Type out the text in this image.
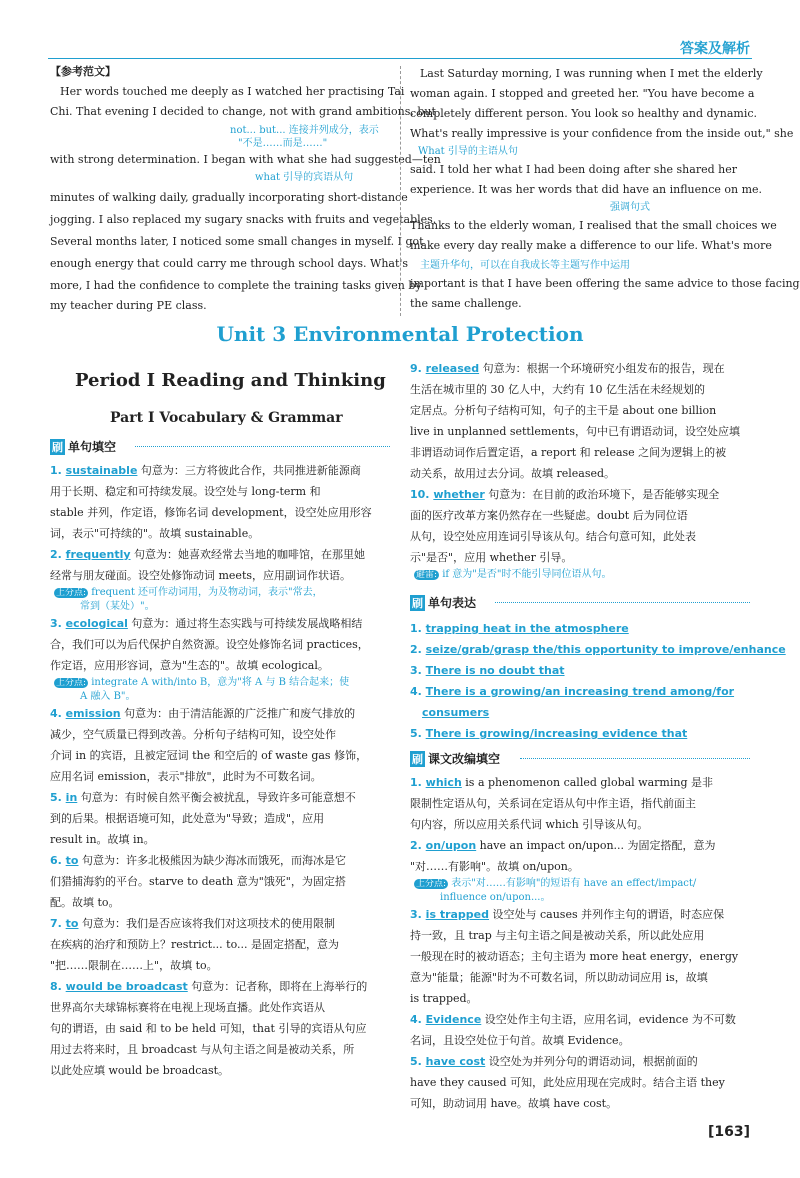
答案及解析
【参考范文】
Her words touched me deeply as I watched her practising Tai
Chi. That evening I decided to change, not with grand ambitions, but
not... but... 连接并列成分，表示
"不是……而是……"
with strong determination. I began with what she had suggested—ten
what 引导的宾语从句
minutes of walking daily, gradually incorporating short-distance
jogging. I also replaced my sugary snacks with fruits and vegetables.
Several months later, I noticed some small changes in myself. I got
enough energy that could carry me through school days. What's
more, I had the confidence to complete the training tasks given by
my teacher during PE class.
Last Saturday morning, I was running when I met the elderly
woman again. I stopped and greeted her. "You have become a
completely different person. You look so healthy and dynamic.
What's really impressive is your confidence from the inside out," she
What 引导的主语从句
said. I told her what I had been doing after she shared her
experience. It was her words that did have an influence on me.
强调句式
Thanks to the elderly woman, I realised that the small choices we
make every day really make a difference to our life. What's more
主题升华句，可以在自我成长等主题写作中运用
important is that I have been offering the same advice to those facing
the same challenge.
Unit 3 Environmental Protection
Period Ⅰ Reading and Thinking
Part Ⅰ Vocabulary & Grammar
刷 单句填空
1. sustainable 句意为：三方将彼此合作，共同推进新能源商
用于长期、稳定和可持续发展。设空处与 long-term 和
stable 并列，作定语，修饰名词 development，设空处应用形容
词，表示"可持续的"。故填 sustainable。
2. frequently 句意为：她喜欢经常去当地的咖啡馆，在那里她
经常与朋友碰面。设空处修饰动词 meets，应用副词作状语。
上分点: frequent 还可作动词用，为及物动词，表示"常去，
常到（某处）"。
3. ecological 句意为：通过将生态实践与可持续发展战略相结
合，我们可以为后代保护自然资源。设空处修饰名词 practices，
作定语，应用形容词，意为"生态的"。故填 ecological。
上分点: integrate A with/into B，意为"将 A 与 B 结合起来；使
A 融入 B"。
4. emission 句意为：由于清洁能源的广泛推广和废气排放的
减少，空气质量已得到改善。分析句子结构可知，设空处作
介词 in 的宾语，且被定冠词 the 和空后的 of waste gas 修饰，
应用名词 emission，表示"排放"，此时为不可数名词。
5. in 句意为：有时候自然平衡会被扰乱，导致许多可能意想不
到的后果。根据语境可知，此处意为"导致；造成"，应用
result in。故填 in。
6. to 句意为：许多北极熊因为缺少海冰而饿死，而海冰是它
们猎捕海豹的平台。starve to death 意为"饿死"，为固定搭
配。故填 to。
7. to 句意为：我们是否应该将我们对这项技术的使用限制
在疾病的治疗和预防上？restrict... to... 是固定搭配，意为
"把……限制在……上"，故填 to。
8. would be broadcast 句意为：记者称，即将在上海举行的
世界高尔夫球锦标赛将在电视上现场直播。此处作宾语从
句的谓语，由 said 和 to be held 可知，that 引导的宾语从句应
用过去将来时，且 broadcast 与从句主语之间是被动关系，所
以此处应填 would be broadcast。
9. released 句意为：根据一个环境研究小组发布的报告，现在
生活在城市里的 30 亿人中，大约有 10 亿生活在未经规划的
定居点。分析句子结构可知，句子的主干是 about one billion
live in unplanned settlements，句中已有谓语动词，设空处应填
非谓语动词作后置定语，a report 和 release 之间为逻辑上的被
动关系，故用过去分词。故填 released。
10. whether 句意为：在目前的政治环境下，是否能够实现全
面的医疗改革方案仍然存在一些疑虑。doubt 后为同位语
从句，设空处应用连词引导该从句。结合句意可知，此处表
示"是否"，应用 whether 引导。
避雷: if 意为"是否"时不能引导同位语从句。
刷 单句表达
1. trapping heat in the atmosphere
2. seize/grab/grasp the/this opportunity to improve/enhance
3. There is no doubt that
4. There is a growing/an increasing trend among/for
consumers
5. There is growing/increasing evidence that
刷 课文改编填空
1. which is a phenomenon called global warming 是非
限制性定语从句，关系词在定语从句中作主语，指代前面主
句内容，所以应用关系代词 which 引导该从句。
2. on/upon have an impact on/upon... 为固定搭配，意为
"对……有影响"。故填 on/upon。
上分点: 表示"对……有影响"的短语有 have an effect/impact/
influence on/upon...。
3. is trapped 设空处与 causes 并列作主句的谓语，时态应保
持一致，且 trap 与主句主语之间是被动关系，所以此处应用
一般现在时的被动语态；主句主语为 more heat energy，energy
意为"能量；能源"时为不可数名词，所以助动词应用 is，故填
is trapped。
4. Evidence 设空处作主句主语，应用名词，evidence 为不可数
名词，且设空处位于句首。故填 Evidence。
5. have cost 设空处为并列分句的谓语动词，根据前面的
have they caused 可知，此处应用现在完成时。结合主语 they
可知，助动词用 have。故填 have cost。
[163]
